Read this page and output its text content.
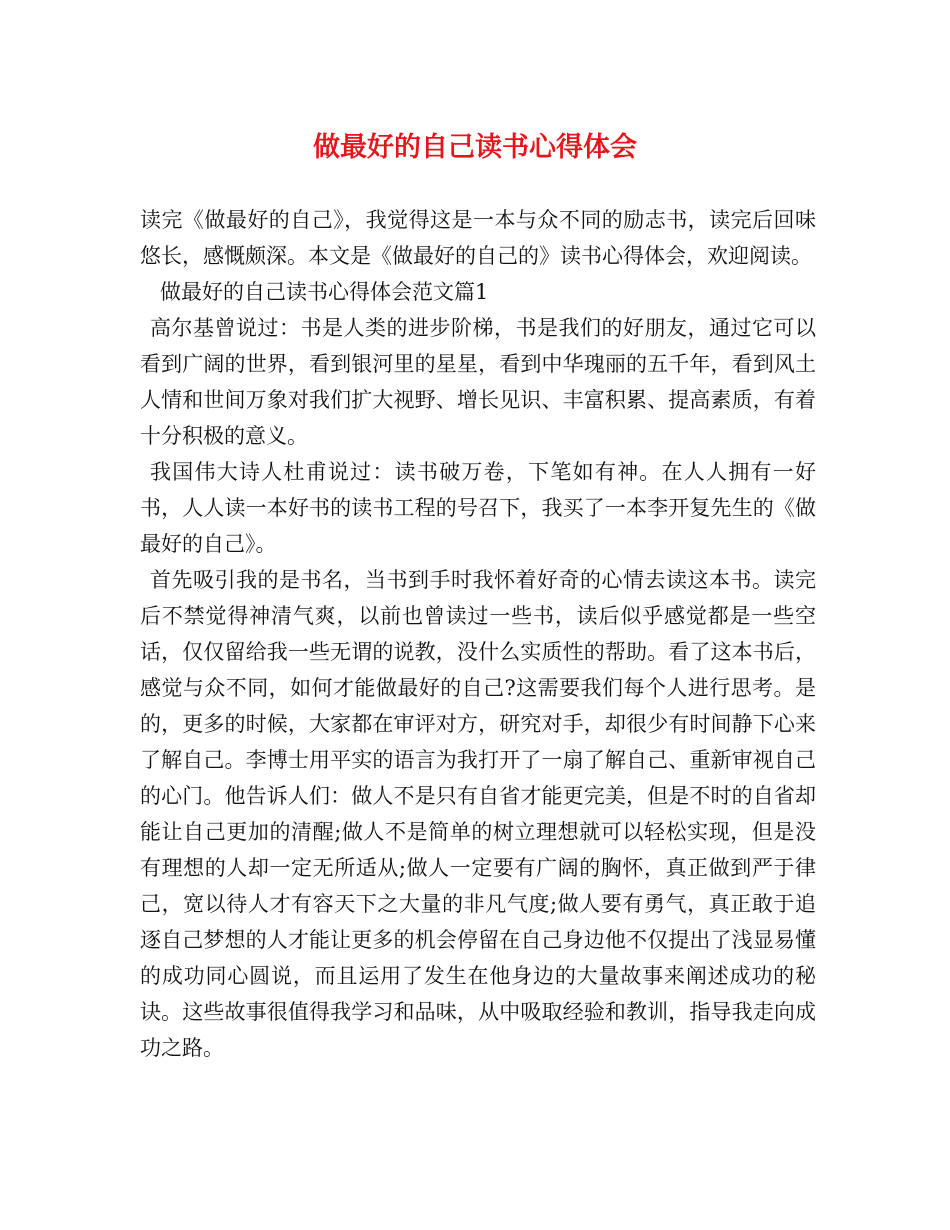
做最好的自己读书心得体会

读完《做最好的自己》，我觉得这是一本与众不同的励志书，读完后回味悠长，感慨颇深。本文是《做最好的自己的》读书心得体会，欢迎阅读。

做最好的自己读书心得体会范文篇1

高尔基曾说过：书是人类的进步阶梯，书是我们的好朋友，通过它可以看到广阔的世界，看到银河里的星星，看到中华瑰丽的五千年，看到风土人情和世间万象对我们扩大视野、增长见识、丰富积累、提高素质，有着十分积极的意义。

我国伟大诗人杜甫说过：读书破万卷，下笔如有神。在人人拥有一好书，人人读一本好书的读书工程的号召下，我买了一本李开复先生的《做最好的自己》。

首先吸引我的是书名，当书到手时我怀着好奇的心情去读这本书。读完后不禁觉得神清气爽，以前也曾读过一些书，读后似乎感觉都是一些空话，仅仅留给我一些无谓的说教，没什么实质性的帮助。看了这本书后，感觉与众不同，如何才能做最好的自己?这需要我们每个人进行思考。是的，更多的时候，大家都在审评对方，研究对手，却很少有时间静下心来了解自己。李博士用平实的语言为我打开了一扇了解自己、重新审视自己的心门。他告诉人们：做人不是只有自省才能更完美，但是不时的自省却能让自己更加的清醒;做人不是简单的树立理想就可以轻松实现，但是没有理想的人却一定无所适从;做人一定要有广阔的胸怀，真正做到严于律己，宽以待人才有容天下之大量的非凡气度;做人要有勇气，真正敢于追逐自己梦想的人才能让更多的机会停留在自己身边他不仅提出了浅显易懂的成功同心圆说，而且运用了发生在他身边的大量故事来阐述成功的秘诀。这些故事很值得我学习和品味，从中吸取经验和教训，指导我走向成功之路。
